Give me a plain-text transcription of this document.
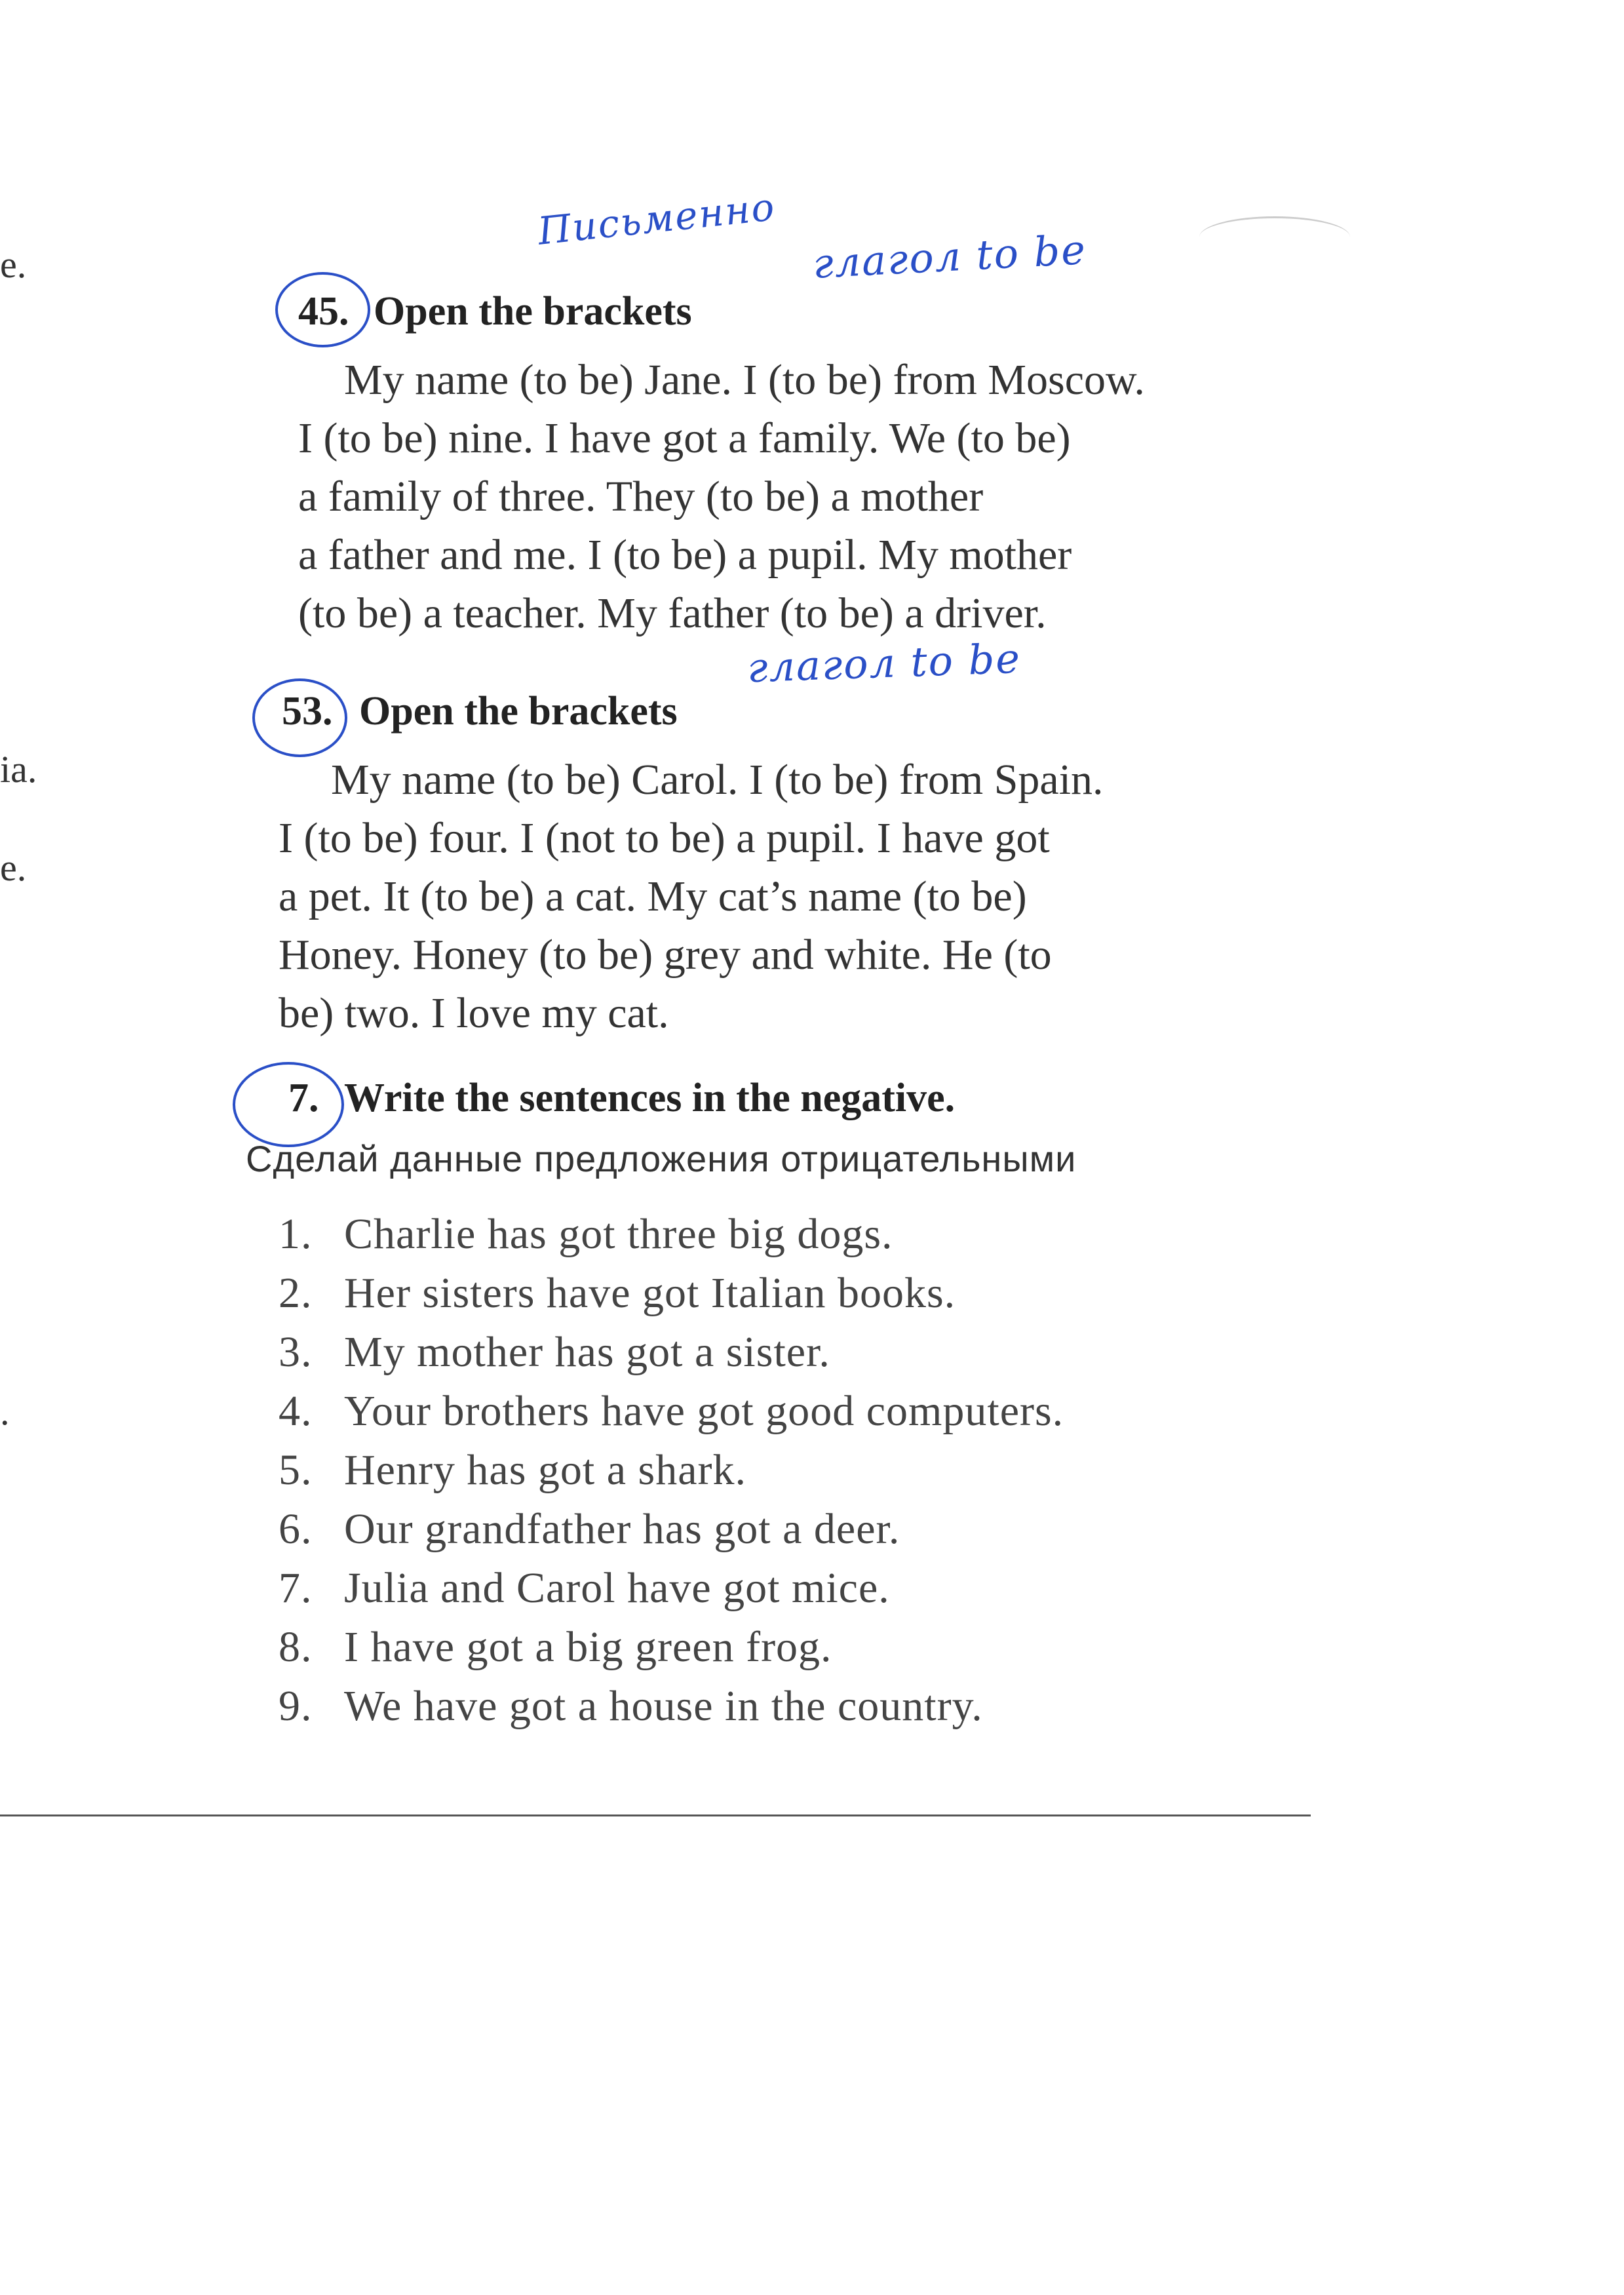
e.
ia.
e.
.
Письменно
глагол to be
45. Open the brackets
My name (to be) Jane. I (to be) from Moscow.
I (to be) nine. I have got a family. We (to be)
a family of three. They (to be) a mother
a father and me. I (to be) a pupil. My mother
(to be) a teacher. My father (to be) a driver.
глагол to be
53. Open the brackets
My name (to be) Carol. I (to be) from Spain.
I (to be) four. I (not to be) a pupil. I have got
a pet. It (to be) a cat. My cat’s name (to be)
Honey. Honey (to be) grey and white. He (to
be) two. I love my cat.
7. Write the sentences in the negative.
Сделай данные предложения отрицательными
1. Charlie has got three big dogs.
2. Her sisters have got Italian books.
3. My mother has got a sister.
4. Your brothers have got good computers.
5. Henry has got a shark.
6. Our grandfather has got a deer.
7. Julia and Carol have got mice.
8. I have got a big green frog.
9. We have got a house in the country.
